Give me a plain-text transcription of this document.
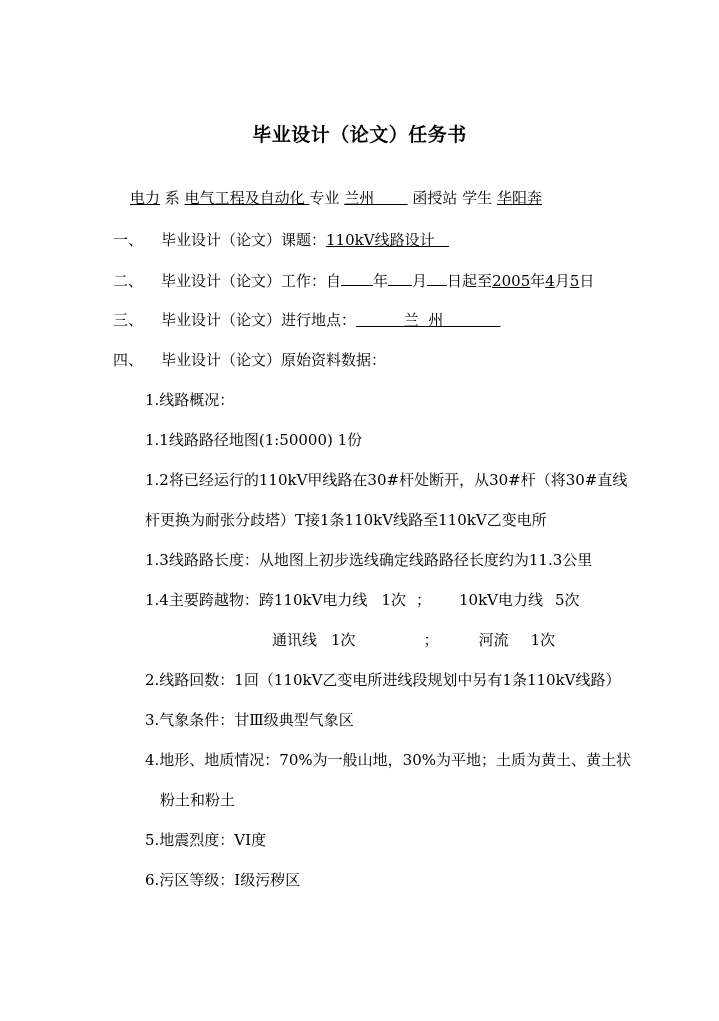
毕业设计（论文）任务书
电力 系 电气工程及自动化 专业 兰州	函授站 学生 华阳奔
一、 毕业设计（论文）课题：110kV线路设计
二、 毕业设计（论文）工作：自 年 月 日起至2005年4月5日
三、 毕业设计（论文）进行地点：	兰  州
四、 毕业设计（论文）原始资料数据：
1.线路概况：
1.1线路路径地图(1:50000) 1份
1.2将已经运行的110kV甲线路在30#杆处断开，从30#杆（将30#直线
杆更换为耐张分歧塔）T接1条110kV线路至110kV乙变电所
1.3线路路长度：从地图上初步选线确定线路路径长度约为11.3公里
1.4主要跨越物：跨110kV电力线 1次 ； 10kV电力线 5次
通讯线 1次	；	河流 1次
2.线路回数：1回（110kV乙变电所进线段规划中另有1条110kV线路）
3.气象条件：甘Ⅲ级典型气象区
4.地形、地质情况：70%为一般山地，30%为平地；土质为黄土、黄土状
粉土和粉土
5.地震烈度：VI度
6.污区等级：Ⅰ级污秽区
